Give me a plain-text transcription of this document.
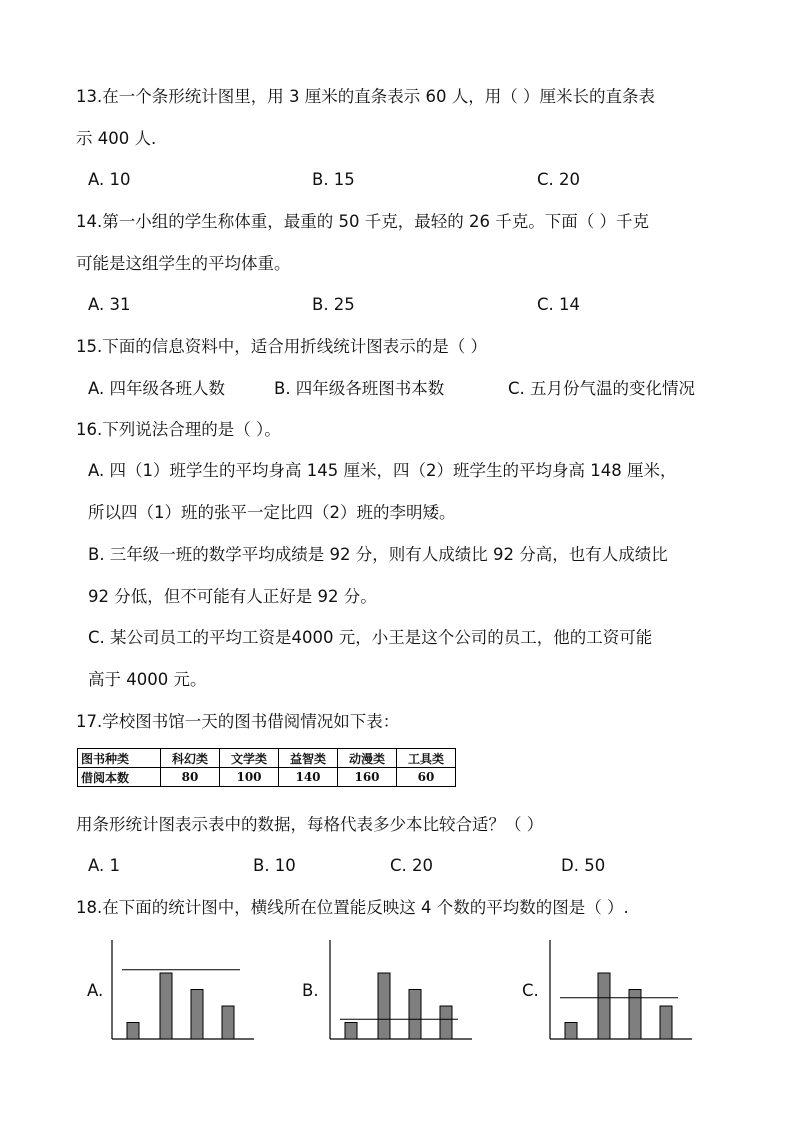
13.在一个条形统计图里，用 3 厘米的直条表示 60 人，用（ ）厘米长的直条表
示 400 人.
A. 10	B. 15	C. 20
14.第一小组的学生称体重，最重的 50 千克，最轻的 26 千克。下面（ ）千克
可能是这组学生的平均体重。
A. 31	B. 25	C. 14
15.下面的信息资料中，适合用折线统计图表示的是（ ）
A. 四年级各班人数	B. 四年级各班图书本数	C. 五月份气温的变化情况
16.下列说法合理的是（ ）。
A. 四（1）班学生的平均身高 145 厘米，四（2）班学生的平均身高 148 厘米，
所以四（1）班的张平一定比四（2）班的李明矮。
B. 三年级一班的数学平均成绩是 92 分，则有人成绩比 92 分高，也有人成绩比
92 分低，但不可能有人正好是 92 分。
C. 某公司员工的平均工资是4000 元，小王是这个公司的员工，他的工资可能
高于 4000 元。
17.学校图书馆一天的图书借阅情况如下表：
图书种类	科幻类	文学类	益智类	动漫类	工具类
借阅本数	80	100	140	160	60
用条形统计图表示表中的数据，每格代表多少本比较合适？（ ）
A. 1	B. 10	C. 20	D. 50
18.在下面的统计图中，横线所在位置能反映这 4 个数的平均数的图是（ ）.
A.	B.	C.
